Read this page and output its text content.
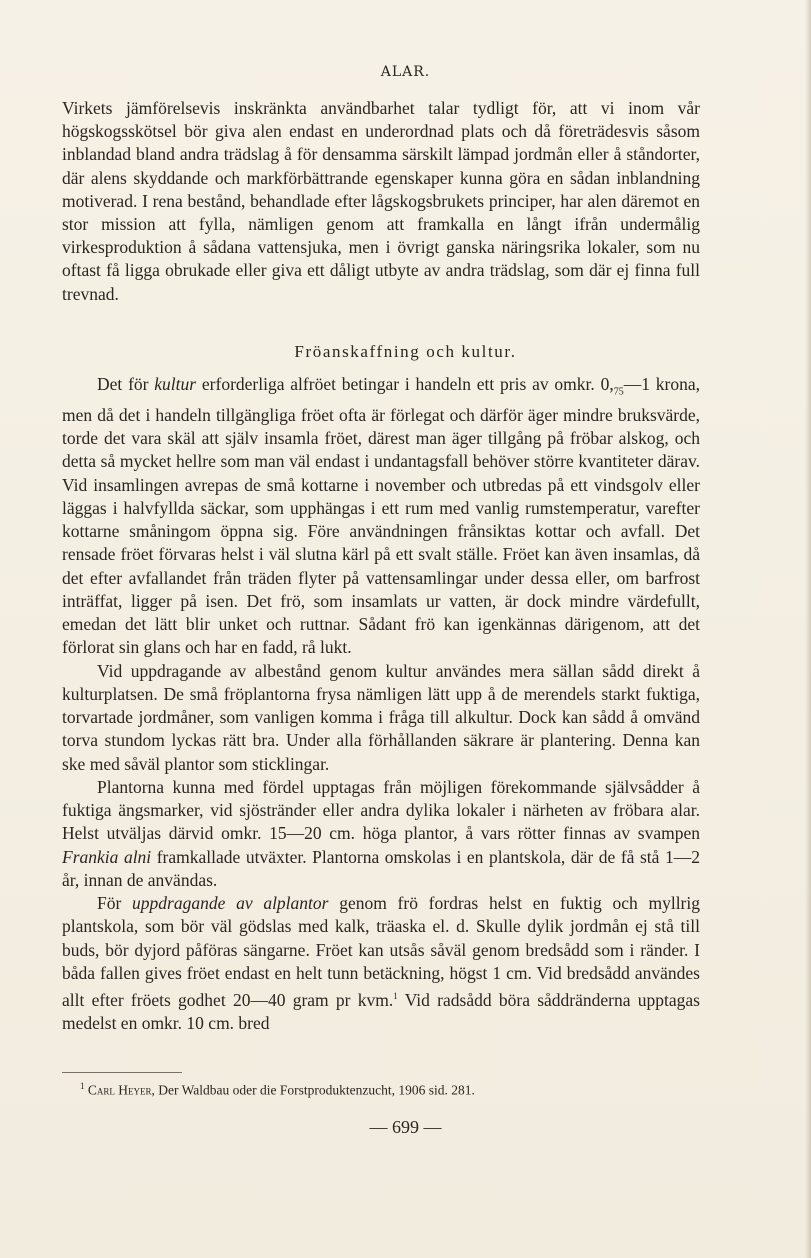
ALAR.

Virkets jämförelsevis inskränkta användbarhet talar tydligt för, att vi inom vår högskogsskötsel bör giva alen endast en underordnad plats och då företrädesvis såsom inblandad bland andra trädslag å för densamma särskilt lämpad jordmån eller å ståndorter, där alens skyddande och markförbättrande egenskaper kunna göra en sådan inblandning motiverad. I rena bestånd, behandlade efter lågskogsbrukets principer, har alen däremot en stor mission att fylla, nämligen genom att framkalla en långt ifrån undermålig virkesproduktion å sådana vattensjuka, men i övrigt ganska näringsrika lokaler, som nu oftast få ligga obrukade eller giva ett dåligt utbyte av andra trädslag, som där ej finna full trevnad.

Fröanskaffning och kultur.

Det för kultur erforderliga alfröet betingar i handeln ett pris av omkr. $0,_{75}—1$ krona, men då det i handeln tillgängliga fröet ofta är förlegat och därför äger mindre bruksvärde, torde det vara skäl att själv insamla fröet, därest man äger tillgång på fröbar alskog, och detta så mycket hellre som man väl endast i undantagsfall behöver större kvantiteter därav. Vid insamlingen avrepas de små kottarne i november och utbredas på ett vindsgolv eller läggas i halvfyllda säckar, som upphängas i ett rum med vanlig rumstemperatur, varefter kottarne småningom öppna sig. Före användningen frånsiktas kottar och avfall. Det rensade fröet förvaras helst i väl slutna kärl på ett svalt ställe. Fröet kan även insamlas, då det efter avfallandet från träden flyter på vattensamlingar under dessa eller, om barfrost inträffat, ligger på isen. Det frö, som insamlats ur vatten, är dock mindre värdefullt, emedan det lätt blir unket och ruttnar. Sådant frö kan igenkännas därigenom, att det förlorat sin glans och har en fadd, rå lukt.

Vid uppdragande av albestånd genom kultur användes mera sällan sådd direkt å kulturplatsen. De små fröplantorna frysa nämligen lätt upp å de merendels starkt fuktiga, torvartade jordmåner, som vanligen komma i fråga till alkultur. Dock kan sådd å omvänd torva stundom lyckas rätt bra. Under alla förhållanden säkrare är plantering. Denna kan ske med såväl plantor som sticklingar.

Plantorna kunna med fördel upptagas från möjligen förekommande självsådder å fuktiga ängsmarker, vid sjöstränder eller andra dylika lokaler i närheten av fröbara alar. Helst utväljas därvid omkr. 15—20 cm. höga plantor, å vars rötter finnas av svampen Frankia alni framkallade utväxter. Plantorna omskolas i en plantskola, där de få stå 1—2 år, innan de användas.

För uppdragande av alplantor genom frö fordras helst en fuktig och myllrig plantskola, som bör väl gödslas med kalk, träaska el. d. Skulle dylik jordmån ej stå till buds, bör dyjord påföras sängarne. Fröet kan utsås såväl genom bredsådd som i ränder. I båda fallen gives fröet endast en helt tunn betäckning, högst 1 cm. Vid bredsådd användes allt efter fröets godhet 20—40 gram pr kvm.$^1$ Vid radsådd böra såddränderna upptagas medelst en omkr. 10 cm. bred

$^1$ Carl Heyer, Der Waldbau oder die Forstproduktenzucht, 1906 sid. 281.
— 699 —
